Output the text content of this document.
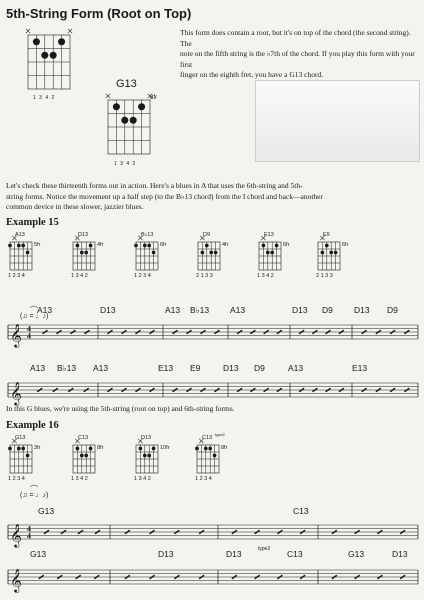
5th-String Form (Root on Top)
𝄞 4
4
𝄞
𝄞 4
4
𝄞
This form does contain a root, but it's on top of the chord (the second string). The
note on the fifth string is the ♭7th of the chord. If you play this form with your first
finger on the eighth fret, you have a G13 chord.
1 3 4 2
G13
8fr
1 3 4 2
Let's check these thirteenth forms out in action. Here's a blues in A that uses the 6th-string and 5th-
string forms. Notice the movement up a half step (to the B♭13 chord) from the I chord and back—another
common device in these slower, jazzier blues.
Example 15
(♫ = ♩♪)
In this G blues, we're using the 5th-string (root on top) and 6th-string forms.
Example 16
(♫ = ♩♪)
A13
5fr
1 2 3 4
D13
4fr
1 3 4 2
B♭13
6fr
1 2 3 4
D9
4fr
2 1 3 3
E13
6fr
1 3 4 2
E9
6fr
2 1 3 3
G13
3fr
1 2 3 4
C13
8fr
1 3 4 2
D13
10fr
1 3 4 2
C13
type2
8fr
1 2 3 4
A13	D13	A13 B♭13 A13	D13 D9 D13 D9
A13 B♭13 A13	E13 E9	D13 D9	A13	E13
G13	C13
G13	D13	D13	C13	G13	D13
type2
